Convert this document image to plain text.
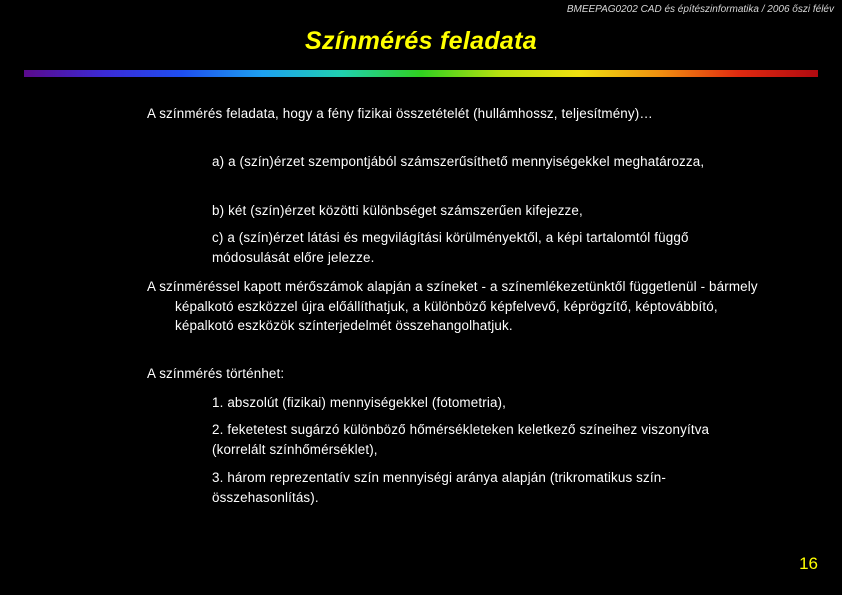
BMEEPAG0202 CAD és építészinformatika / 2006 őszi félév
Színmérés feladata
A színmérés feladata, hogy a fény fizikai összetételét (hullámhossz, teljesítmény)…
a) a (szín)érzet szempontjából számszerűsíthető mennyiségekkel meghatározza,
b) két (szín)érzet közötti különbséget számszerűen kifejezze,
c) a (szín)érzet látási és megvilágítási körülményektől, a képi tartalomtól függő módosulását előre jelezze.
A színméréssel kapott mérőszámok alapján a színeket - a színemlékezetünktől függetlenül - bármely képalkotó eszközzel újra előállíthatjuk, a különböző képfelvevő, képrögzítő, képtovábbító, képalkotó eszközök színterjedelmét összehangolhatjuk.
A színmérés történhet:
1. abszolút (fizikai) mennyiségekkel (fotometria),
2. feketetest sugárzó különböző hőmérsékleteken keletkező színeihez viszonyítva (korrelált színhőmérséklet),
3. három reprezentatív szín mennyiségi aránya alapján (trikromatikus szín-összehasonlítás).
16
